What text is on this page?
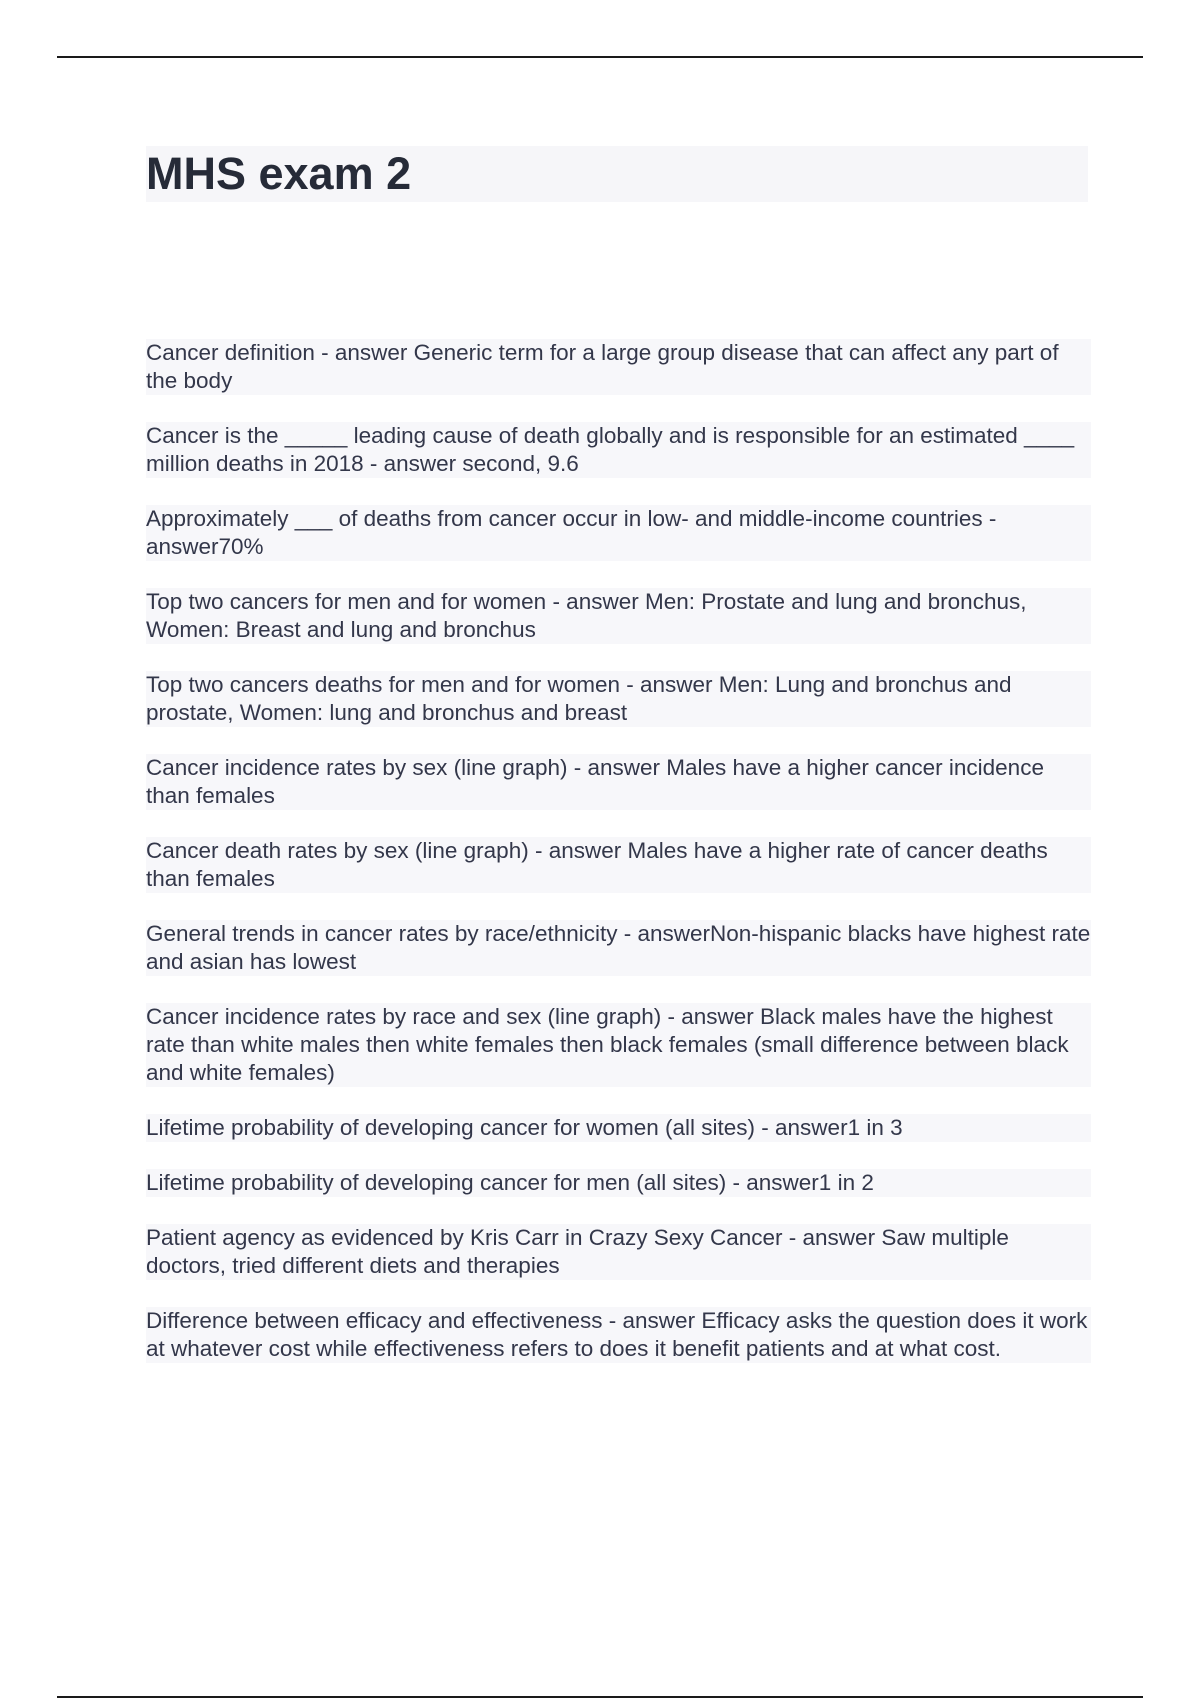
MHS exam 2

Cancer definition - answer Generic term for a large group disease that can affect any part of the body

Cancer is the _____ leading cause of death globally and is responsible for an estimated ____ million deaths in 2018 - answer second, 9.6

Approximately ___ of deaths from cancer occur in low- and middle-income countries - answer70%

Top two cancers for men and for women - answer Men: Prostate and lung and bronchus, Women: Breast and lung and bronchus

Top two cancers deaths for men and for women - answer Men: Lung and bronchus and prostate, Women: lung and bronchus and breast

Cancer incidence rates by sex (line graph) - answer Males have a higher cancer incidence than females

Cancer death rates by sex (line graph) - answer Males have a higher rate of cancer deaths than females

General trends in cancer rates by race/ethnicity - answerNon-hispanic blacks have highest rate and asian has lowest

Cancer incidence rates by race and sex (line graph) - answer Black males have the highest rate than white males then white females then black females (small difference between black and white females)

Lifetime probability of developing cancer for women (all sites) - answer1 in 3

Lifetime probability of developing cancer for men (all sites) - answer1 in 2

Patient agency as evidenced by Kris Carr in Crazy Sexy Cancer - answer Saw multiple doctors, tried different diets and therapies

Difference between efficacy and effectiveness - answer Efficacy asks the question does it work at whatever cost while effectiveness refers to does it benefit patients and at what cost.
